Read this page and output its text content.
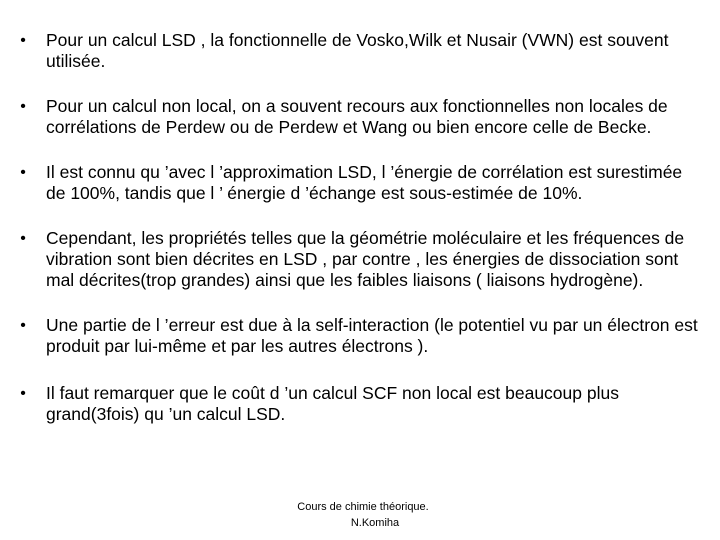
• Pour un calcul LSD , la fonctionnelle de Vosko,Wilk et Nusair (VWN) est souvent utilisée.
• Pour un calcul non local, on a souvent recours aux fonctionnelles non locales de corrélations de Perdew ou de Perdew et Wang ou bien encore celle de Becke.
• Il est connu qu ’avec l ’approximation LSD, l ’énergie de corrélation est surestimée de 100%, tandis que l ’ énergie d ’échange est sous-estimée de 10%.
• Cependant, les propriétés telles que la géométrie moléculaire et les fréquences de vibration sont bien décrites en LSD , par contre , les énergies de dissociation sont mal décrites(trop grandes) ainsi que les faibles liaisons ( liaisons hydrogène).
• Une partie de l ’erreur est due à la self-interaction (le potentiel vu par un électron est produit par lui-même et par les autres électrons ).
• Il faut remarquer que le coût d ’un calcul SCF non local est beaucoup plus grand(3fois) qu ’un calcul LSD.
Cours de chimie théorique.
N.Komiha
